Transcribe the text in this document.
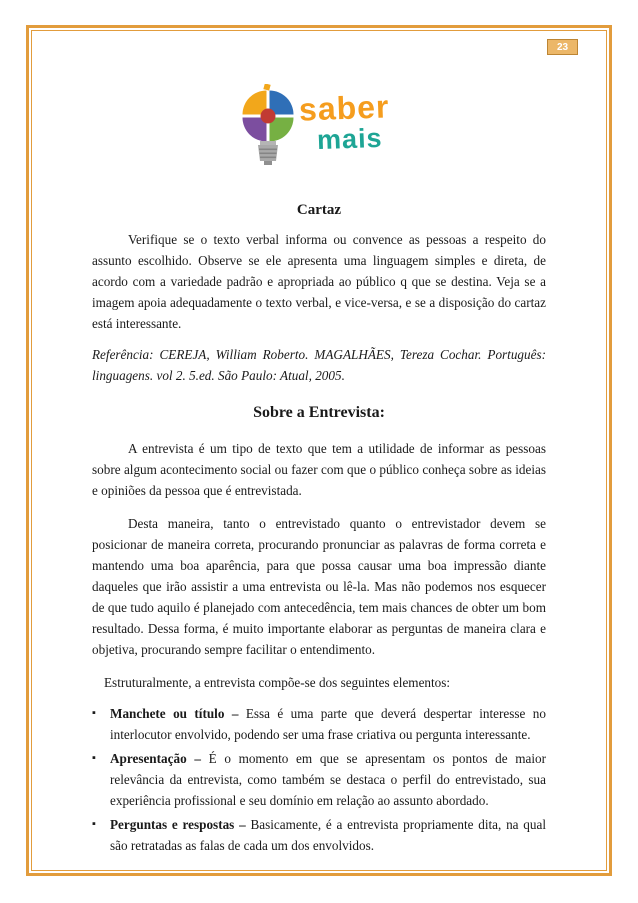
23
saber
mais
Cartaz

Verifique se o texto verbal informa ou convence as pessoas a respeito do assunto escolhido. Observe se ele apresenta uma linguagem simples e direta, de acordo com a variedade padrão e apropriada ao público q que se destina. Veja se a imagem apoia adequadamente o texto verbal, e vice-versa, e se a disposição do cartaz está interessante.

Referência: CEREJA, William Roberto. MAGALHÃES, Tereza Cochar. Português: linguagens. vol 2. 5.ed. São Paulo: Atual, 2005.

Sobre a Entrevista:

A entrevista é um tipo de texto que tem a utilidade de informar as pessoas sobre algum acontecimento social ou fazer com que o público conheça sobre as ideias e opiniões da pessoa que é entrevistada.

Desta maneira, tanto o entrevistado quanto o entrevistador devem se posicionar de maneira correta, procurando pronunciar as palavras de forma correta e mantendo uma boa aparência, para que possa causar uma boa impressão diante daqueles que irão assistir a uma entrevista ou lê-la. Mas não podemos nos esquecer de que tudo aquilo é planejado com antecedência, tem mais chances de obter um bom resultado. Dessa forma, é muito importante elaborar as perguntas de maneira clara e objetiva, procurando sempre facilitar o entendimento.

Estruturalmente, a entrevista compõe-se dos seguintes elementos:

▪ Manchete ou título – Essa é uma parte que deverá despertar interesse no interlocutor envolvido, podendo ser uma frase criativa ou pergunta interessante.
▪ Apresentação – É o momento em que se apresentam os pontos de maior relevância da entrevista, como também se destaca o perfil do entrevistado, sua experiência profissional e seu domínio em relação ao assunto abordado.
▪ Perguntas e respostas – Basicamente, é a entrevista propriamente dita, na qual são retratadas as falas de cada um dos envolvidos.
